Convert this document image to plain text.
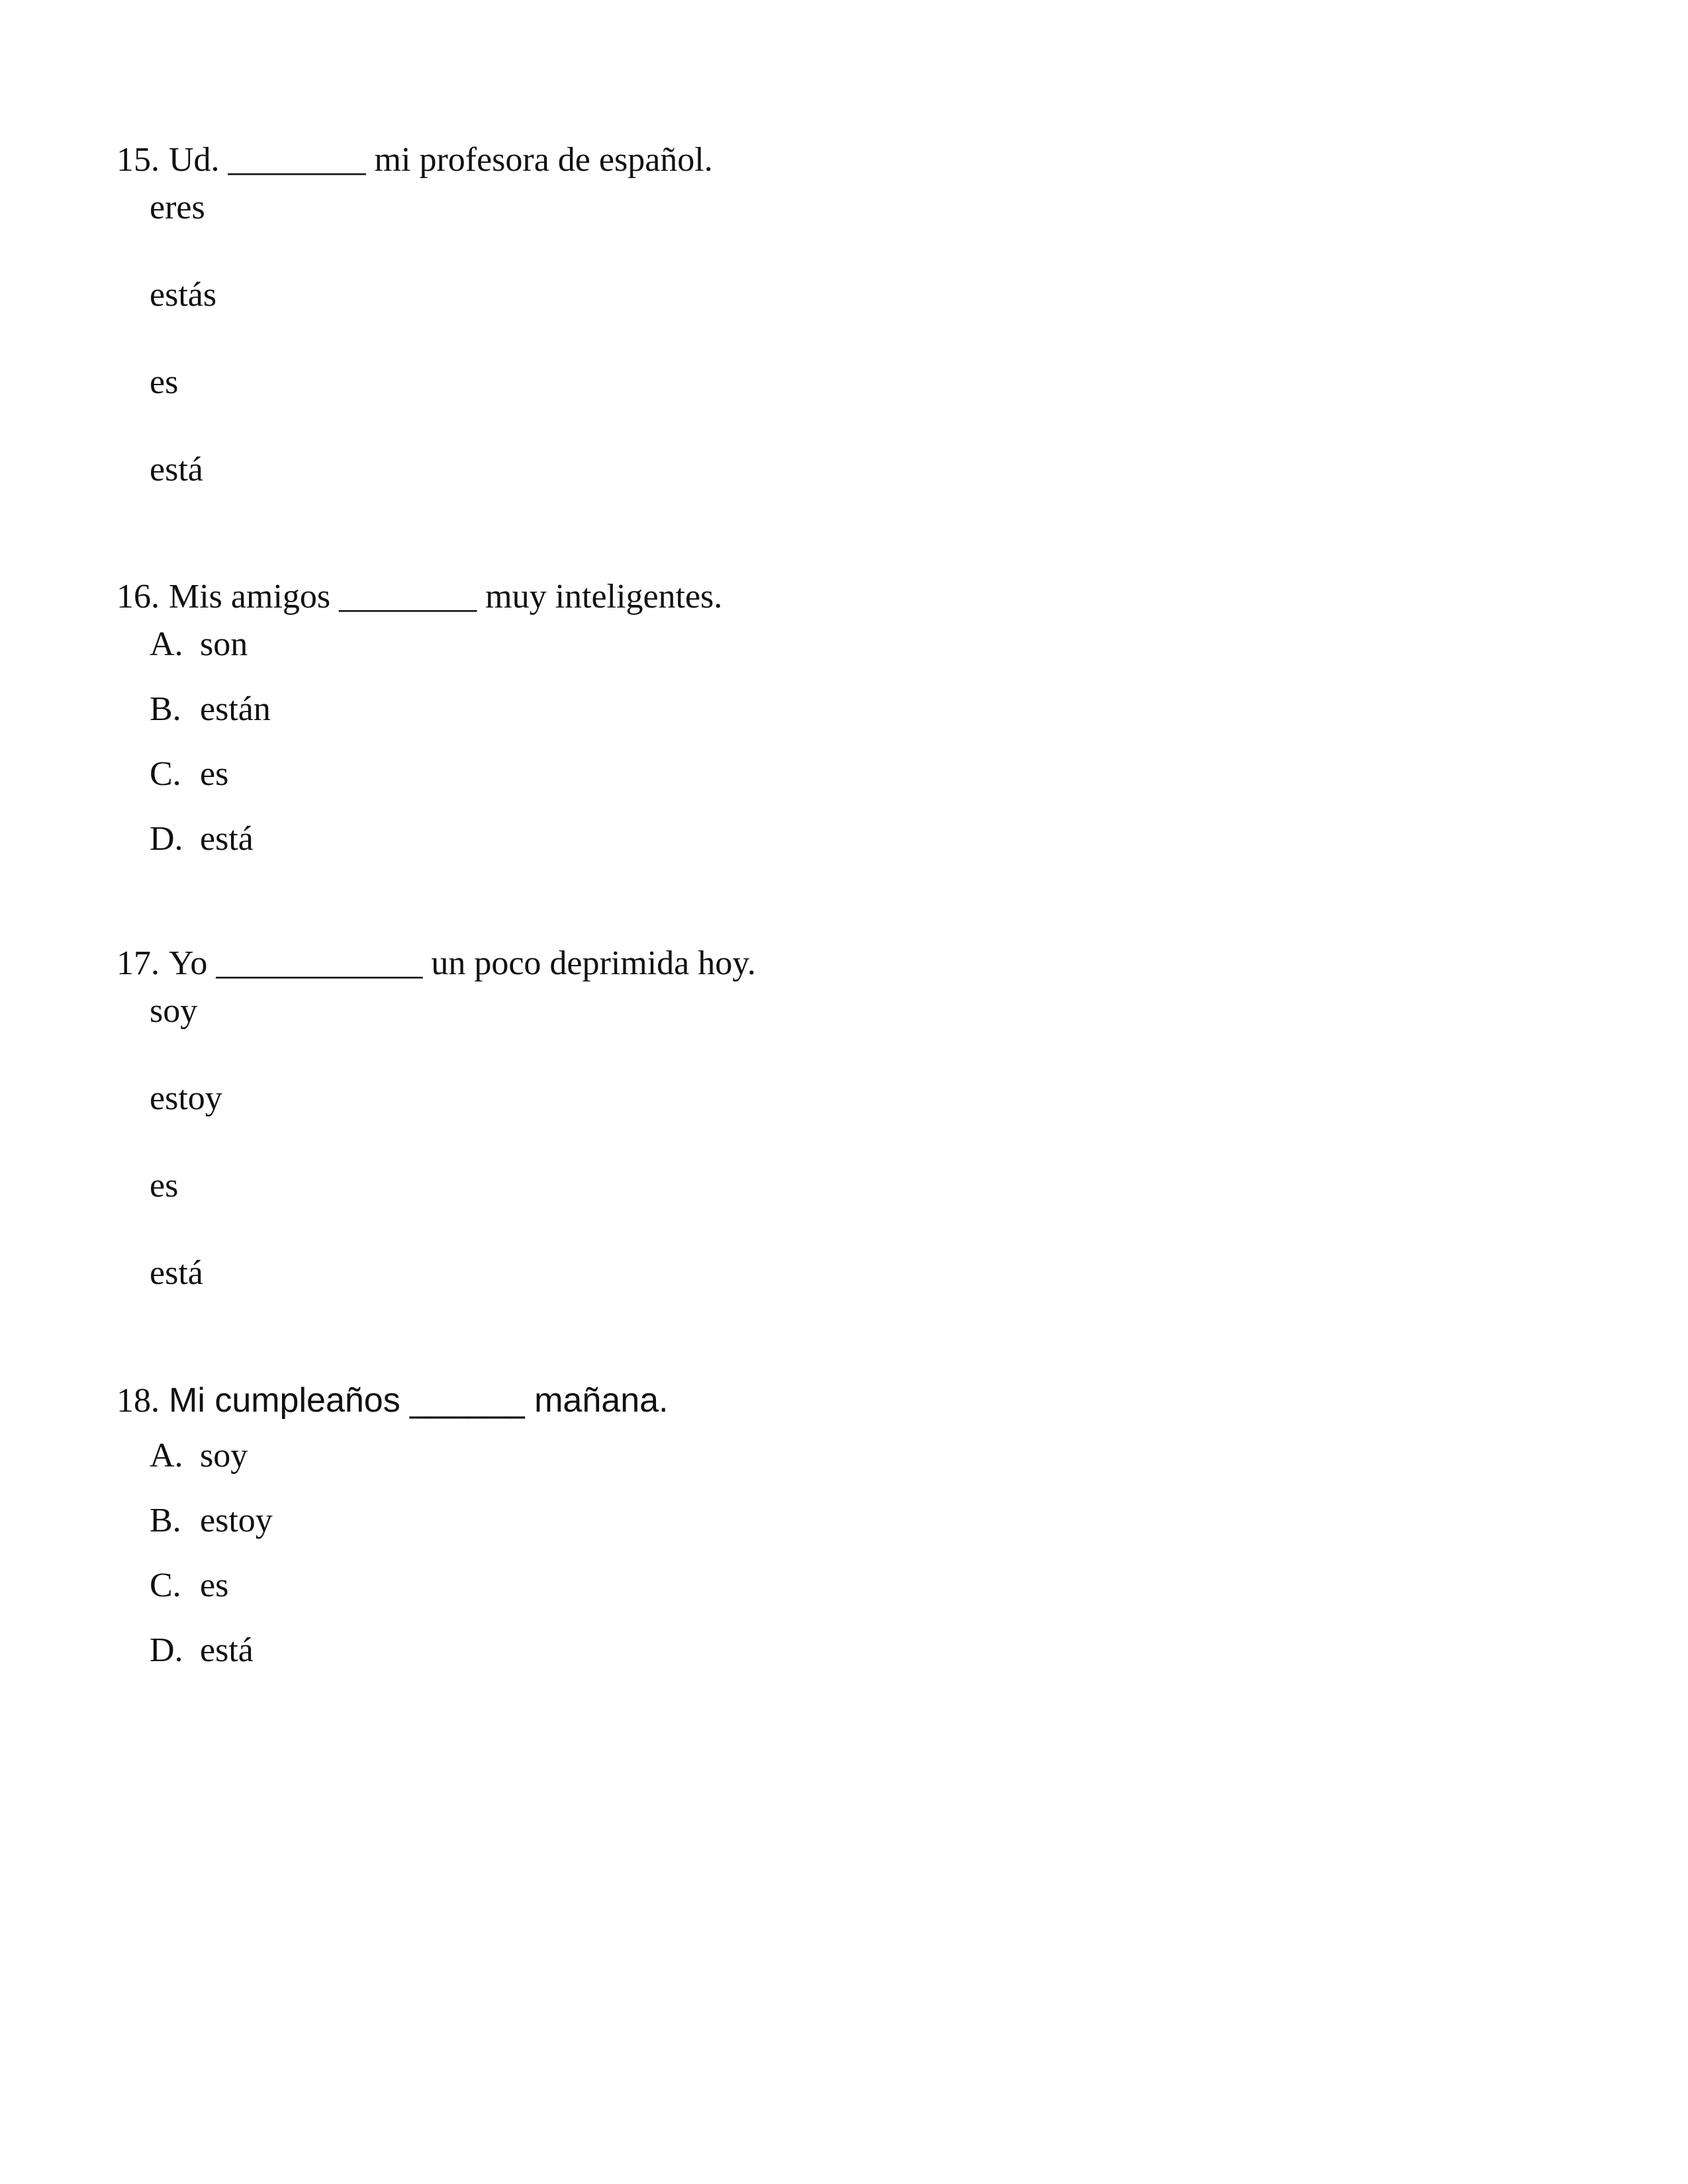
15. Ud. ________ mi profesora de español.

eres
estás
es
está

16. Mis amigos ________ muy inteligentes.

A. son
B. están
C. es
D. está

17. Yo ____________ un poco deprimida hoy.

soy
estoy
es
está

18. Mi cumpleaños ______ mañana.

A. soy
B. estoy
C. es
D. está
